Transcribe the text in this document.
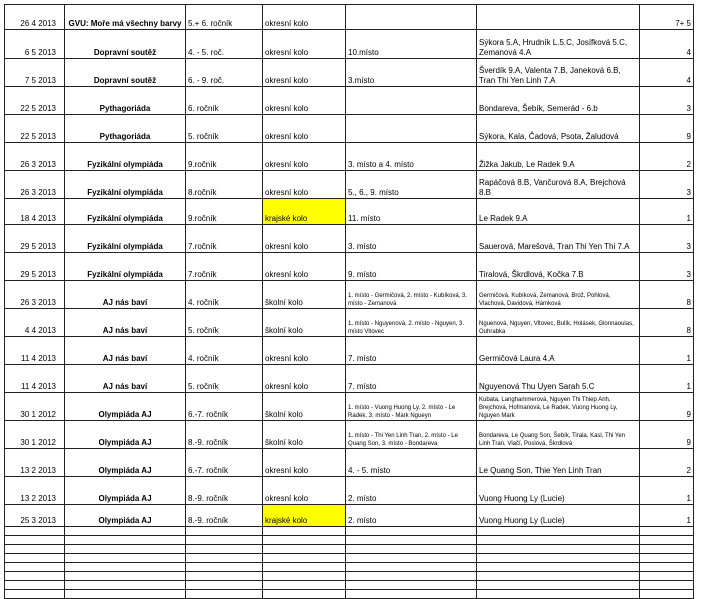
26 4 2013	GVU: Moře má všechny barvy	5.+ 6. ročník	okresní kolo			7+ 5
6 5 2013	Dopravní soutěž	4. - 5. roč.	okresní kolo	10.místo	Sýkora 5.A, Hrudník L.5.C, Josífková 5.C, Zemanová 4.A	4
7 5 2013	Dopravní soutěž	6. - 9. roč.	okresní kolo	3.místo	Šverdík 9.A, Valenta 7.B, Janeková 6.B, Tran Thi Yen Linh 7.A	4
22 5 2013	Pythagoriáda	6. ročník	okresní kolo		Bondareva, Šebík, Semerád - 6.b	3
22 5 2013	Pythagoriáda	5. ročník	okresní kolo		Sýkora, Kala, Čadová, Psota, Žaludová	9
26 3 2013	Fyzikální olympiáda	9.ročník	okresní kolo	3. místo a 4. místo	Žižka Jakub, Le Radek 9.A	2
26 3 2013	Fyzikální olympiáda	8.ročník	okresní kolo	5., 6., 9. místo	Rapáčová 8.B, Vančurová 8.A, Brejchová 8.B	3
18 4 2013	Fyzikální olympiáda	9.ročník	krajské kolo	11. místo	Le Radek 9.A	1
29 5 2013	Fyzikální olympiáda	7.ročník	okresní kolo	3. místo	Sauerová, Marešová, Tran Thi Yen Thi 7.A	3
29 5 2013	Fyzikální olympiáda	7.ročník	okresní kolo	9. místo	Tiralová, Škrdlová, Kočka 7.B	3
26 3 2013	AJ nás baví	4. ročník	školní kolo	1. místo - Germičová, 2. místo - Kubíková, 3. místo - Zemanová	Germičová, Kubíková, Zemanová, Brož, Pohlová, Vlachová, Davidová, Hámková	8
4 4 2013	AJ nás baví	5. ročník	školní kolo	1. místo - Nguyenová, 2. místo - Nguyen, 3. místo Vltovec	Nguenová, Nguyen, Vltovec, Bulík, Holásek, Glonnaoulas, Ouhrabka	8
11 4 2013	AJ nás baví	4. ročník	okresní kolo	7. místo	Germičová Laura 4.A	1
11 4 2013	AJ nás baví	5. ročník	okresní kolo	7. místo	Nguyenová Thu Uyen Sarah 5.C	1
30 1 2012	Olympiáda AJ	6.-7. ročník	školní kolo	1. místo - Vuong Huong Ly, 2. místo - Le Radek, 3. místo - Mark Ngueyn	Kubata, Langhammerová, Nguyen Thi Thiep Anh, Brejchová, Hofmanová, Le Radek, Vuong Huong Ly, Nguyen Mark	9
30 1 2012	Olympiáda AJ	8.-9. ročník	školní kolo	1. místo - Thi Yen Linh Tran, 2. místo - Le Quang Son, 3. místo - Bondareva	Bondareva, Le Quang Son, Šebík, Tirala, Kasl, Thi Yen Linh Tran, Vlačí, Poslová, Škrdlová	9
13 2 2013	Olympiáda AJ	6.-7. ročník	okresní kolo	4. - 5. místo	Le Quang Son, Thie Yen Linh Tran	2
13 2 2013	Olympiáda AJ	8.-9. ročník	okresní kolo	2. místo	Vuong Huong Ly (Lucie)	1
25 3 2013	Olympiáda AJ	8.-9. ročník	krajské kolo	2. místo	Vuong Huong Ly (Lucie)	1
